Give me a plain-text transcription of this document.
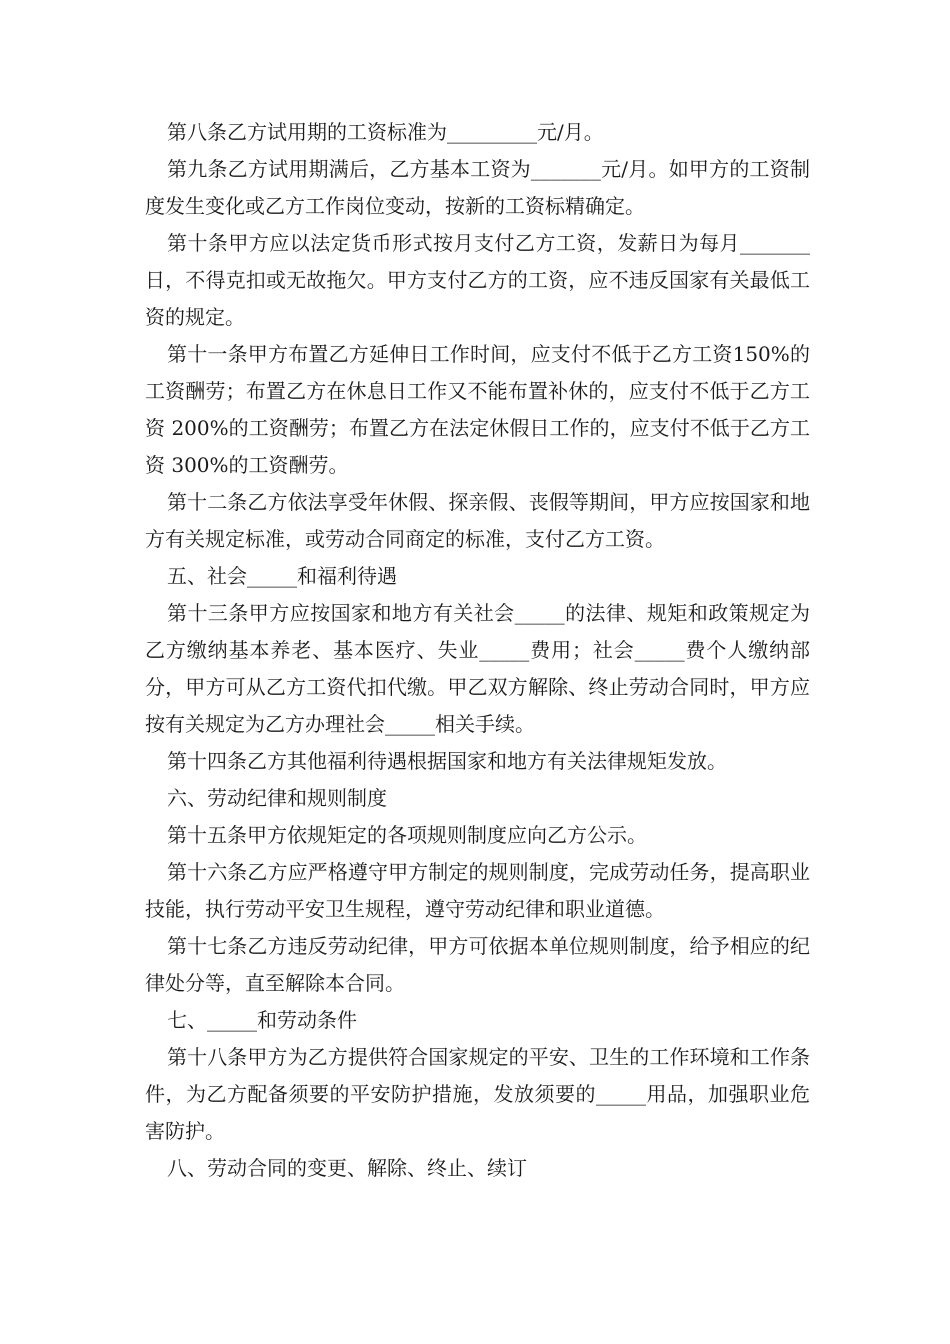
第八条乙方试用期的工资标准为_________元/月。

第九条乙方试用期满后，乙方基本工资为_______元/月。如甲方的工资制度发生变化或乙方工作岗位变动，按新的工资标精确定。

第十条甲方应以法定货币形式按月支付乙方工资，发薪日为每月_______日，不得克扣或无故拖欠。甲方支付乙方的工资，应不违反国家有关最低工资的规定。

第十一条甲方布置乙方延伸日工作时间，应支付不低于乙方工资150%的工资酬劳；布置乙方在休息日工作又不能布置补休的，应支付不低于乙方工资 200%的工资酬劳；布置乙方在法定休假日工作的，应支付不低于乙方工资 300%的工资酬劳。

第十二条乙方依法享受年休假、探亲假、丧假等期间，甲方应按国家和地方有关规定标准，或劳动合同商定的标准，支付乙方工资。

五、社会_____和福利待遇

第十三条甲方应按国家和地方有关社会_____的法律、规矩和政策规定为乙方缴纳基本养老、基本医疗、失业_____费用；社会_____费个人缴纳部分，甲方可从乙方工资代扣代缴。甲乙双方解除、终止劳动合同时，甲方应按有关规定为乙方办理社会_____相关手续。

第十四条乙方其他福利待遇根据国家和地方有关法律规矩发放。

六、劳动纪律和规则制度

第十五条甲方依规矩定的各项规则制度应向乙方公示。

第十六条乙方应严格遵守甲方制定的规则制度，完成劳动任务，提高职业技能，执行劳动平安卫生规程，遵守劳动纪律和职业道德。

第十七条乙方违反劳动纪律，甲方可依据本单位规则制度，给予相应的纪律处分等，直至解除本合同。

七、_____和劳动条件

第十八条甲方为乙方提供符合国家规定的平安、卫生的工作环境和工作条件，为乙方配备须要的平安防护措施，发放须要的_____用品，加强职业危害防护。

八、劳动合同的变更、解除、终止、续订
